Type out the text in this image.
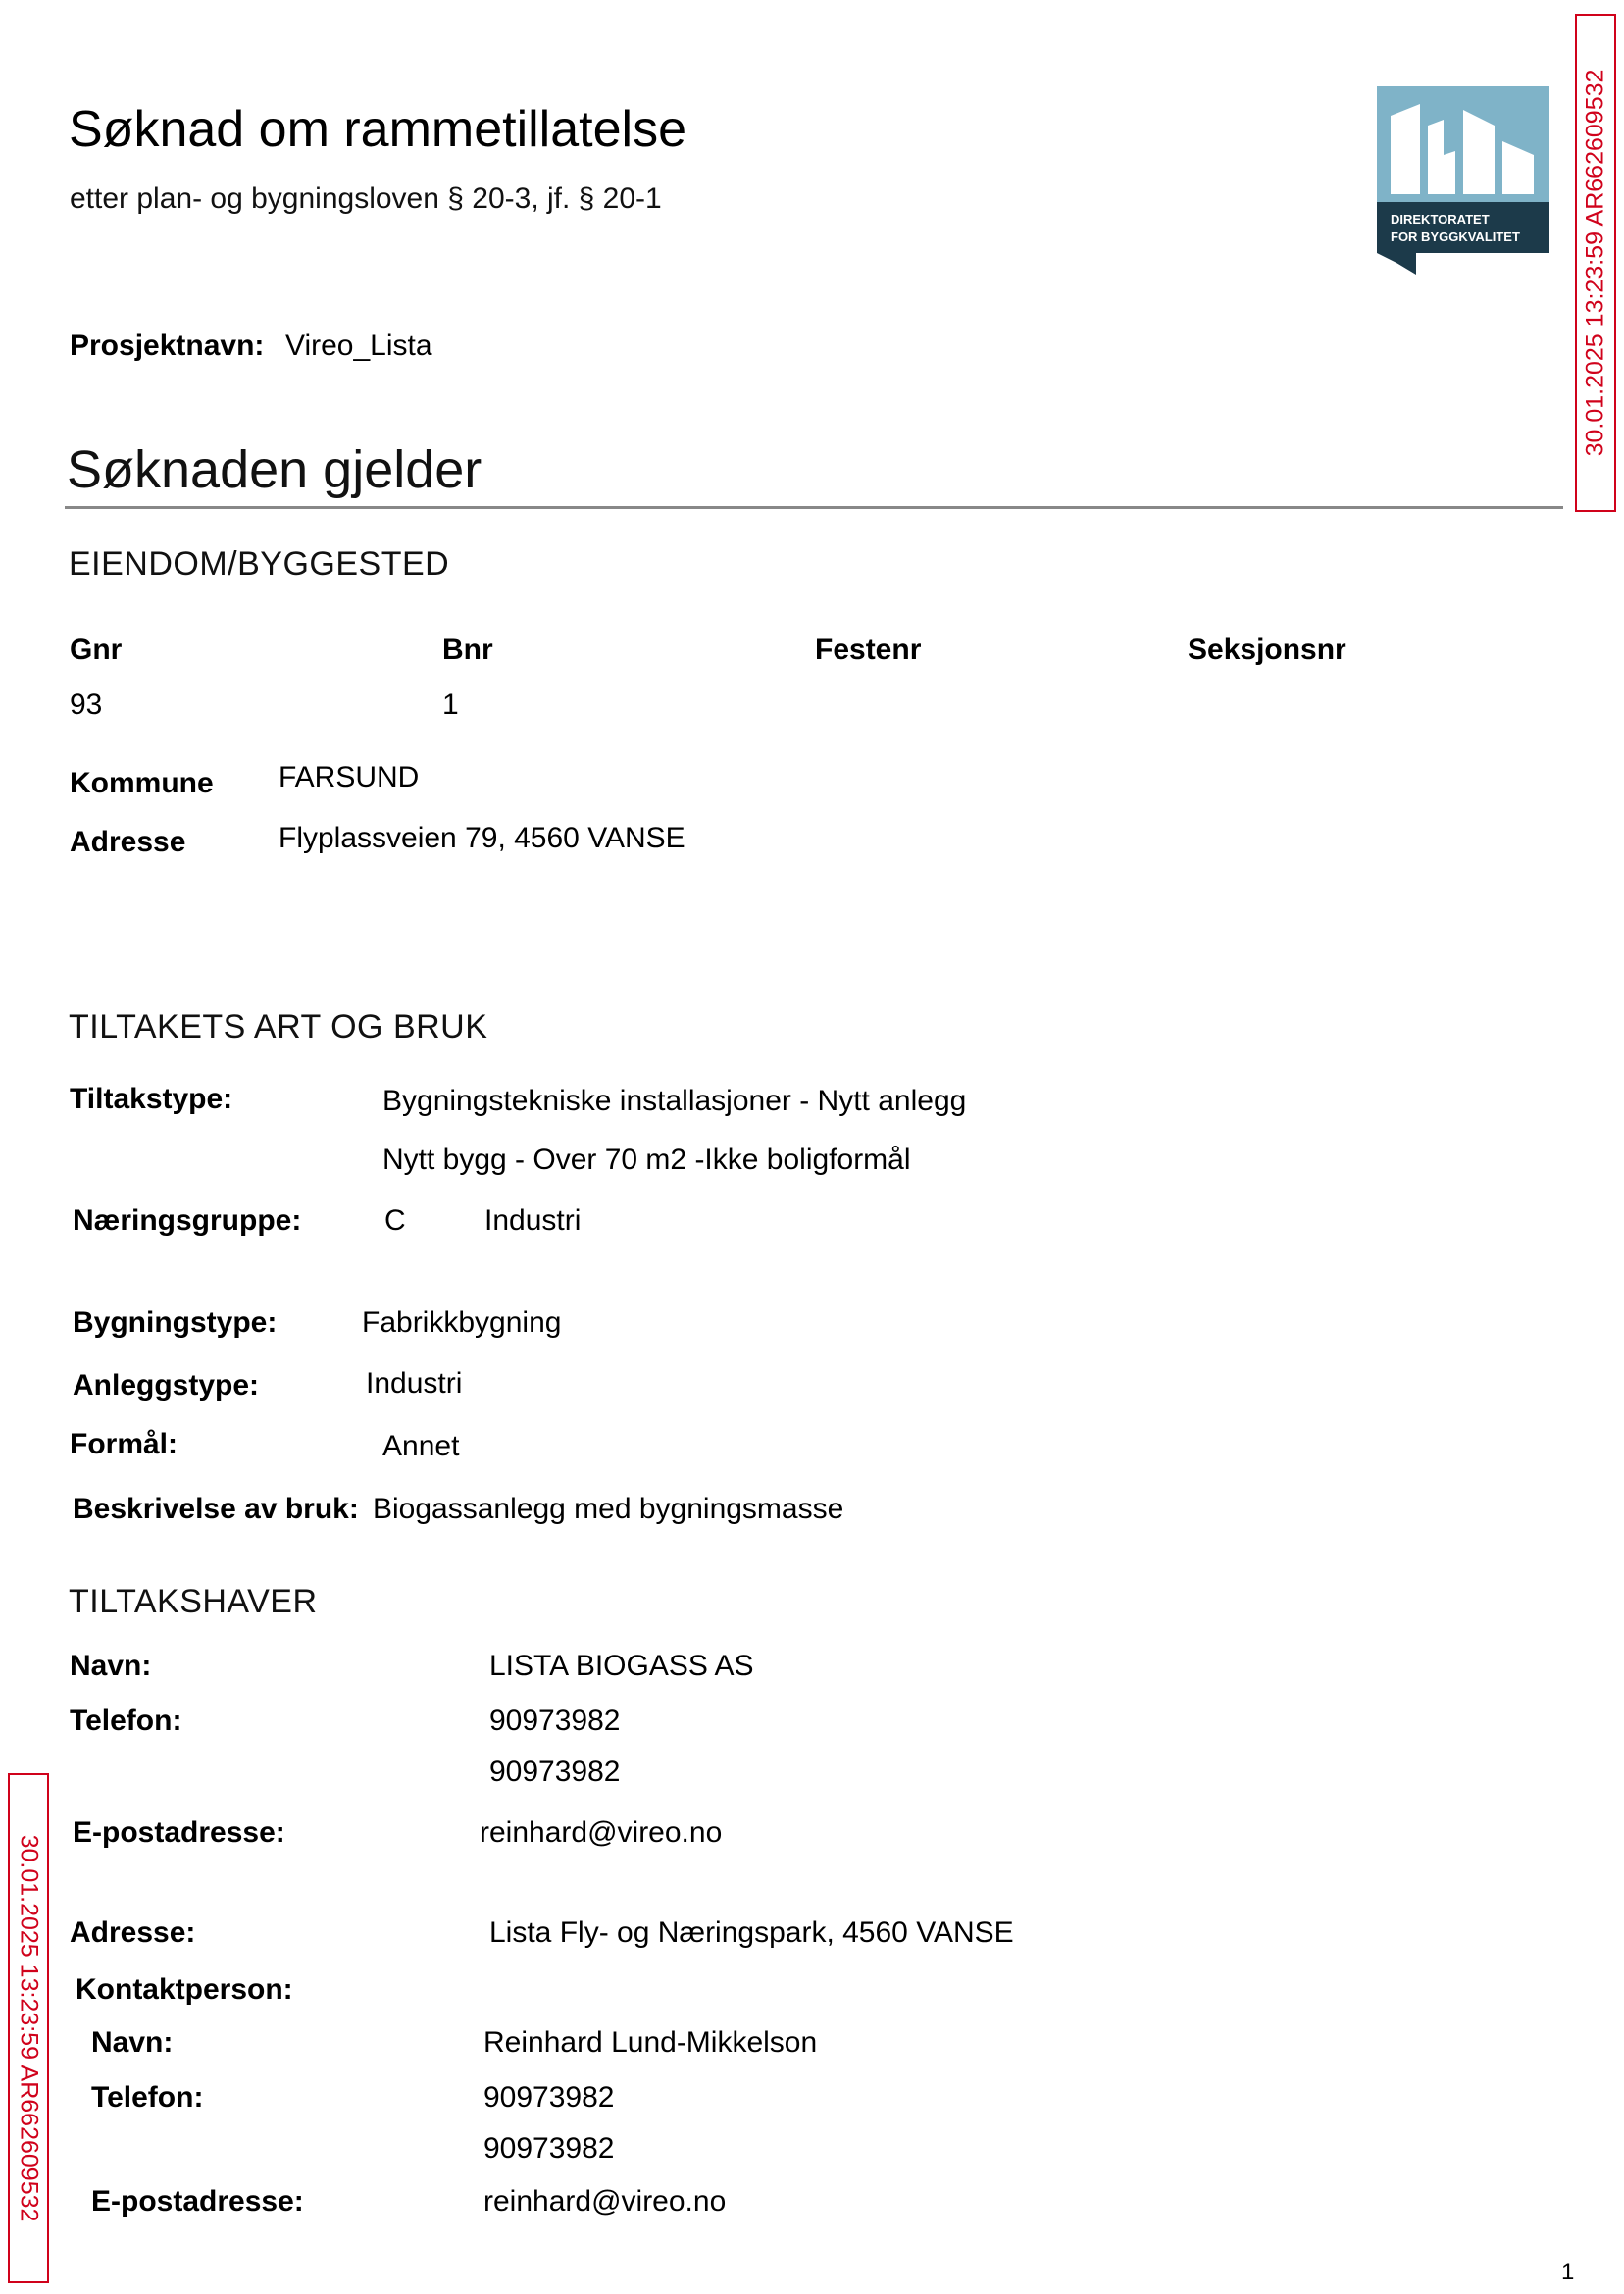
Søknad om rammetillatelse
etter plan- og bygningsloven § 20-3, jf. § 20-1
DIREKTORATET
FOR BYGGKVALITET	30.01.2025 13:23:59 AR662609532
30.01.2025 13:23:59 AR662609532
Prosjektnavn: Vireo_Lista
Søknaden gjelder
EIENDOM/BYGGESTED
Gnr	Bnr	Festenr	Seksjonsnr
93	1
Kommune FARSUND
Adresse	Flyplassveien 79, 4560 VANSE
TILTAKETS ART OG BRUK
Tiltakstype:	Bygningstekniske installasjoner - Nytt anlegg
Nytt bygg - Over 70 m2 -Ikke boligformål
Næringsgruppe:	C	Industri
Bygningstype:	Fabrikkbygning
Anleggstype:	Industri
Formål:	Annet
Beskrivelse av bruk: Biogassanlegg med bygningsmasse
TILTAKSHAVER
Navn:	LISTA BIOGASS AS
Telefon:	90973982
90973982
E-postadresse:	reinhard@vireo.no
Adresse:	Lista Fly- og Næringspark, 4560 VANSE
Kontaktperson:
Navn:	Reinhard Lund-Mikkelson
Telefon:	90973982
90973982
E-postadresse:	reinhard@vireo.no
1
